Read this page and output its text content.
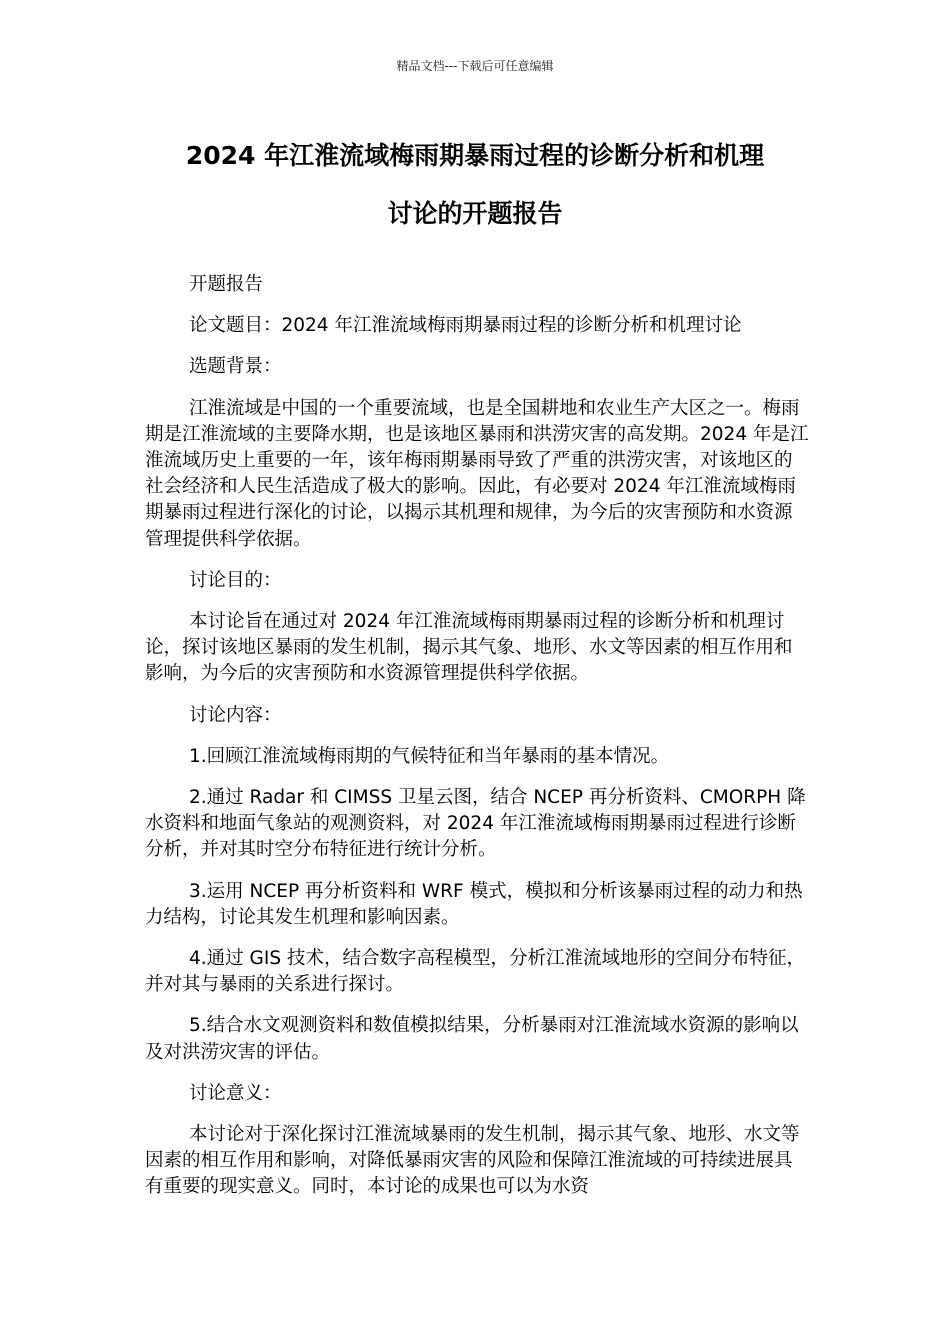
精品文档---下载后可任意编辑
2024 年江淮流域梅雨期暴雨过程的诊断分析和机理
讨论的开题报告

开题报告

论文题目：2024 年江淮流域梅雨期暴雨过程的诊断分析和机理讨论

选题背景：

江淮流域是中国的一个重要流域，也是全国耕地和农业生产大区之一。梅雨期是江淮流域的主要降水期，也是该地区暴雨和洪涝灾害的高发期。2024 年是江淮流域历史上重要的一年，该年梅雨期暴雨导致了严重的洪涝灾害，对该地区的社会经济和人民生活造成了极大的影响。因此，有必要对 2024 年江淮流域梅雨期暴雨过程进行深化的讨论，以揭示其机理和规律，为今后的灾害预防和水资源管理提供科学依据。

讨论目的：

本讨论旨在通过对 2024 年江淮流域梅雨期暴雨过程的诊断分析和机理讨论，探讨该地区暴雨的发生机制，揭示其气象、地形、水文等因素的相互作用和影响，为今后的灾害预防和水资源管理提供科学依据。

讨论内容：

1.回顾江淮流域梅雨期的气候特征和当年暴雨的基本情况。

2.通过 Radar 和 CIMSS 卫星云图，结合 NCEP 再分析资料、CMORPH 降水资料和地面气象站的观测资料，对 2024 年江淮流域梅雨期暴雨过程进行诊断分析，并对其时空分布特征进行统计分析。

3.运用 NCEP 再分析资料和 WRF 模式，模拟和分析该暴雨过程的动力和热力结构，讨论其发生机理和影响因素。

4.通过 GIS 技术，结合数字高程模型，分析江淮流域地形的空间分布特征，并对其与暴雨的关系进行探讨。

5.结合水文观测资料和数值模拟结果，分析暴雨对江淮流域水资源的影响以及对洪涝灾害的评估。

讨论意义：

本讨论对于深化探讨江淮流域暴雨的发生机制，揭示其气象、地形、水文等因素的相互作用和影响，对降低暴雨灾害的风险和保障江淮流域的可持续进展具有重要的现实意义。同时，本讨论的成果也可以为水资
